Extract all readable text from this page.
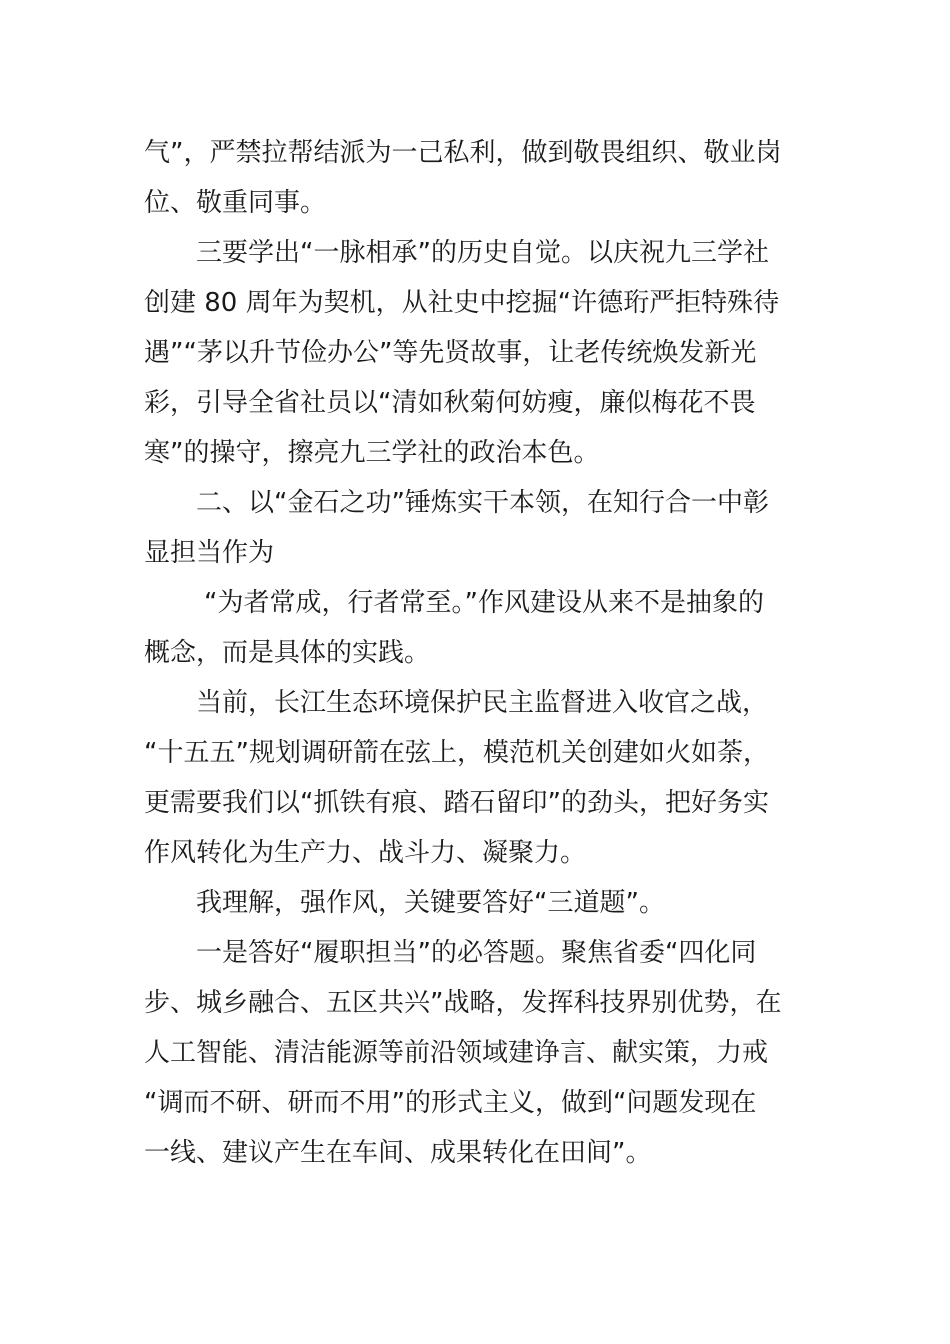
气”，严禁拉帮结派为一己私利，做到敬畏组织、敬业岗
位、敬重同事。
三要学出“一脉相承”的历史自觉。以庆祝九三学社
创建 80 周年为契机，从社史中挖掘“许德珩严拒特殊待
遇”“茅以升节俭办公”等先贤故事，让老传统焕发新光
彩，引导全省社员以“清如秋菊何妨瘦，廉似梅花不畏
寒”的操守，擦亮九三学社的政治本色。
二、以“金石之功”锤炼实干本领，在知行合一中彰
显担当作为
“为者常成，行者常至。”作风建设从来不是抽象的
概念，而是具体的实践。
当前，长江生态环境保护民主监督进入收官之战，
“十五五”规划调研箭在弦上，模范机关创建如火如荼，
更需要我们以“抓铁有痕、踏石留印”的劲头，把好务实
作风转化为生产力、战斗力、凝聚力。
我理解，强作风，关键要答好“三道题”。
一是答好“履职担当”的必答题。聚焦省委“四化同
步、城乡融合、五区共兴”战略，发挥科技界别优势，在
人工智能、清洁能源等前沿领域建诤言、献实策，力戒
“调而不研、研而不用”的形式主义，做到“问题发现在
一线、建议产生在车间、成果转化在田间”。
